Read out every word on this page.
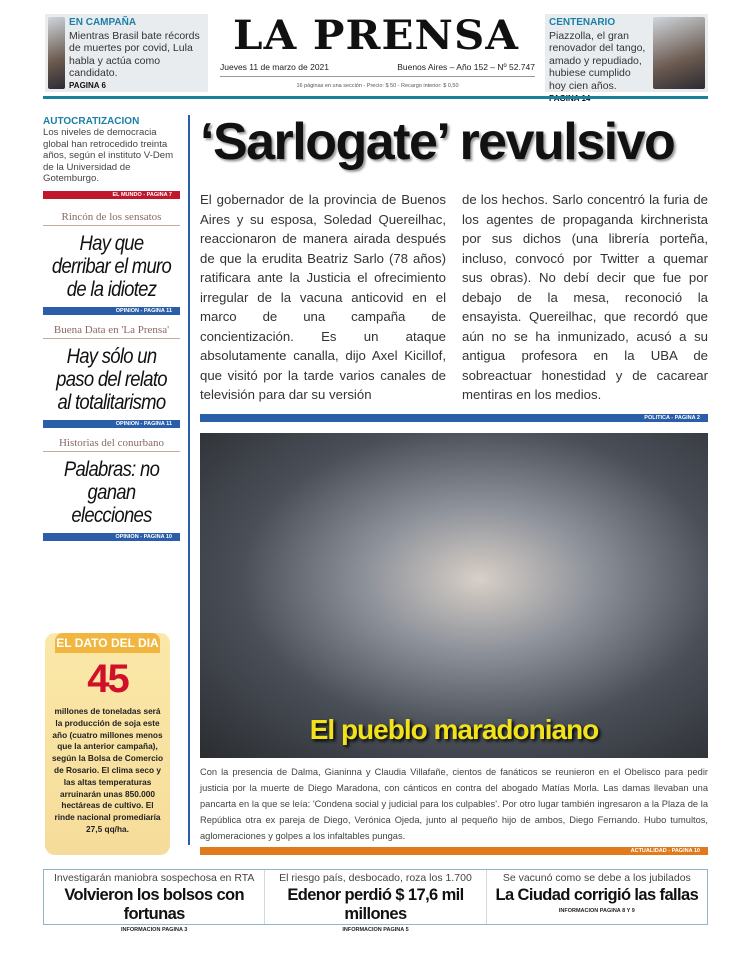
EN CAMPAÑA
Mientras Brasil bate récords de muertes por covid, Lula habla y actúa como candidato.
PAGINA 6
LA PRENSA
Jueves 11 de marzo de 2021	Buenos Aires – Año 152 – Nº 52.747
16 páginas en una sección - Precio: $ 50 - Recargo interior: $ 0,50
CENTENARIO
Piazzolla, el gran renovador del tango, amado y repudiado, hubiese cumplido hoy cien años.
AUTOCRATIZACION
Los niveles de democracia global han retrocedido treinta años, según el instituto V-Dem de la Universidad de Gotemburgo.
EL MUNDO - PAGINA 7
Rincón de los sensatos
Hay que derribar el muro de la idiotez
OPINION - PAGINA 11
Buena Data en 'La Prensa'
Hay sólo un paso del relato al totalitarismo
OPINION - PAGINA 11
Historias del conurbano
Palabras: no ganan elecciones
OPINION - PAGINA 10
EL DATO DEL DIA
45
millones de toneladas será la producción de soja este año (cuatro millones menos que la anterior campaña), según la Bolsa de Comercio de Rosario. El clima seco y las altas temperaturas arruinarán unas 850.000 hectáreas de cultivo. El rinde nacional promediaría 27,5 qq/ha.
‘Sarlogate’ revulsivo
El gobernador de la provincia de Buenos Aires y su esposa, Soledad Quereilhac, reaccionaron de manera airada después de que la erudita Beatriz Sarlo (78 años) ratificara ante la Justicia el ofrecimiento irregular de la vacuna anticovid en el marco de una campaña de concientización. Es un ataque absolutamente canalla, dijo Axel Kicillof, que visitó por la tarde varios canales de televisión para dar su versión
de los hechos. Sarlo concentró la furia de los agentes de propaganda kirchnerista por sus dichos (una librería porteña, incluso, convocó por Twitter a quemar sus obras). No debí decir que fue por debajo de la mesa, reconoció la ensayista. Quereilhac, que recordó que aún no se ha inmunizado, acusó a su antigua profesora en la UBA de sobreactuar honestidad y de cacarear mentiras en los medios.
POLITICA - PAGINA 2
El pueblo maradoniano
Con la presencia de Dalma, Gianinna y Claudia Villafañe, cientos de fanáticos se reunieron en el Obelisco para pedir justicia por la muerte de Diego Maradona, con cánticos en contra del abogado Matías Morla. Las damas llevaban una pancarta en la que se leía: 'Condena social y judicial para los culpables'. Por otro lugar también ingresaron a la Plaza de la República otra ex pareja de Diego, Verónica Ojeda, junto al pequeño hijo de ambos, Diego Fernando. Hubo tumultos, aglomeraciones y golpes a los infaltables pungas.
ACTUALIDAD - PAGINA 10
Investigarán maniobra sospechosa en RTA
Volvieron los bolsos con fortunas
INFORMACION PAGINA 3
El riesgo país, desbocado, roza los 1.700
Edenor perdió $ 17,6 mil millones
INFORMACION PAGINA 5
Se vacunó como se debe a los jubilados
La Ciudad corrigió las fallas
INFORMACION PAGINA 8 Y 9
